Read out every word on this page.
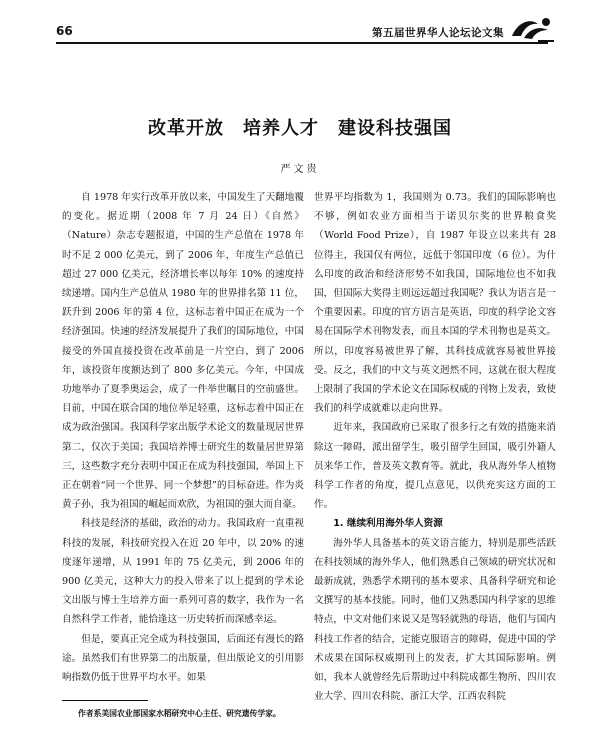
66	第五届世界华人论坛论文集
改革开放　培养人才　建设科技强国
严文贵

自 1978 年实行改革开放以来，中国发生了天翻地覆的变化。据近期（2008 年 7 月 24 日）《自然》（Nature）杂志专题报道，中国的生产总值在 1978 年时不足 2 000 亿美元，到了 2006 年，年度生产总值已超过 27 000 亿美元，经济增长率以每年 10% 的速度持续递增。国内生产总值从 1980 年的世界排名第 11 位，跃升到 2006 年的第 4 位，这标志着中国正在成为一个经济强国。快速的经济发展提升了我们的国际地位，中国接受的外国直接投资在改革前是一片空白，到了 2006 年，该投资年度额达到了 800 多亿美元。今年，中国成功地举办了夏季奥运会，成了一件举世瞩目的空前盛世。目前，中国在联合国的地位举足轻重，这标志着中国正在成为政治强国。我国科学家出版学术论文的数量现居世界第二，仅次于美国；我国培养博士研究生的数量居世界第三，这些数字充分表明中国正在成为科技强国，举国上下正在朝着“同一个世界、同一个梦想”的目标奋进。作为炎黄子孙，我为祖国的崛起而欢欣，为祖国的强大而自豪。

科技是经济的基础，政治的动力。我国政府一直重视科技的发展，科技研究投入在近 20 年中，以 20% 的速度逐年递增，从 1991 年的 75 亿美元，到 2006 年的 900 亿美元，这种大力的投入带来了以上提到的学术论文出版与博士生培养方面一系列可喜的数字，我作为一名自然科学工作者，能恰逢这一历史转折而深感幸运。

但是，要真正完全成为科技强国，后面还有漫长的路途。虽然我们有世界第二的出版量，但出版论文的引用影响指数仍低于世界平均水平。如果

世界平均指数为 1，我国则为 0.73。我们的国际影响也不够，例如农业方面相当于诺贝尔奖的世界粮食奖（World Food Prize），自 1987 年设立以来共有 28 位得主，我国仅有两位，远低于邻国印度（6 位）。为什么印度的政治和经济形势不如我国，国际地位也不如我国，但国际大奖得主则远远超过我国呢？我认为语言是一个重要因素。印度的官方语言是英语，印度的科学论文容易在国际学术刊物发表，而且本国的学术刊物也是英文。所以，印度容易被世界了解，其科技成就容易被世界接受。反之，我们的中文与英文迥然不同，这就在很大程度上限制了我国的学术论文在国际权威的刊物上发表，致使我们的科学成就难以走向世界。

近年来，我国政府已采取了很多行之有效的措施来消除这一障碍，派出留学生，吸引留学生回国，吸引外籍人员来华工作，普及英文教育等。就此，我从海外华人植物科学工作者的角度，提几点意见，以供充实这方面的工作。

1. 继续利用海外华人资源

海外华人具备基本的英文语言能力，特别是那些活跃在科技领域的海外华人，他们熟悉自己领域的研究状况和最新成就，熟悉学术期刊的基本要求、具备科学研究和论文撰写的基本技能。同时，他们又熟悉国内科学家的思维特点，中文对他们来说又是驾轻就熟的母语，他们与国内科技工作者的结合，定能克服语言的障碍，促进中国的学术成果在国际权威期刊上的发表，扩大其国际影响。例如，我本人就曾经先后帮助过中科院成都生物所、四川农业大学、四川农科院、浙江大学、江西农科院

作者系美国农业部国家水稻研究中心主任、研究遗传学家。
